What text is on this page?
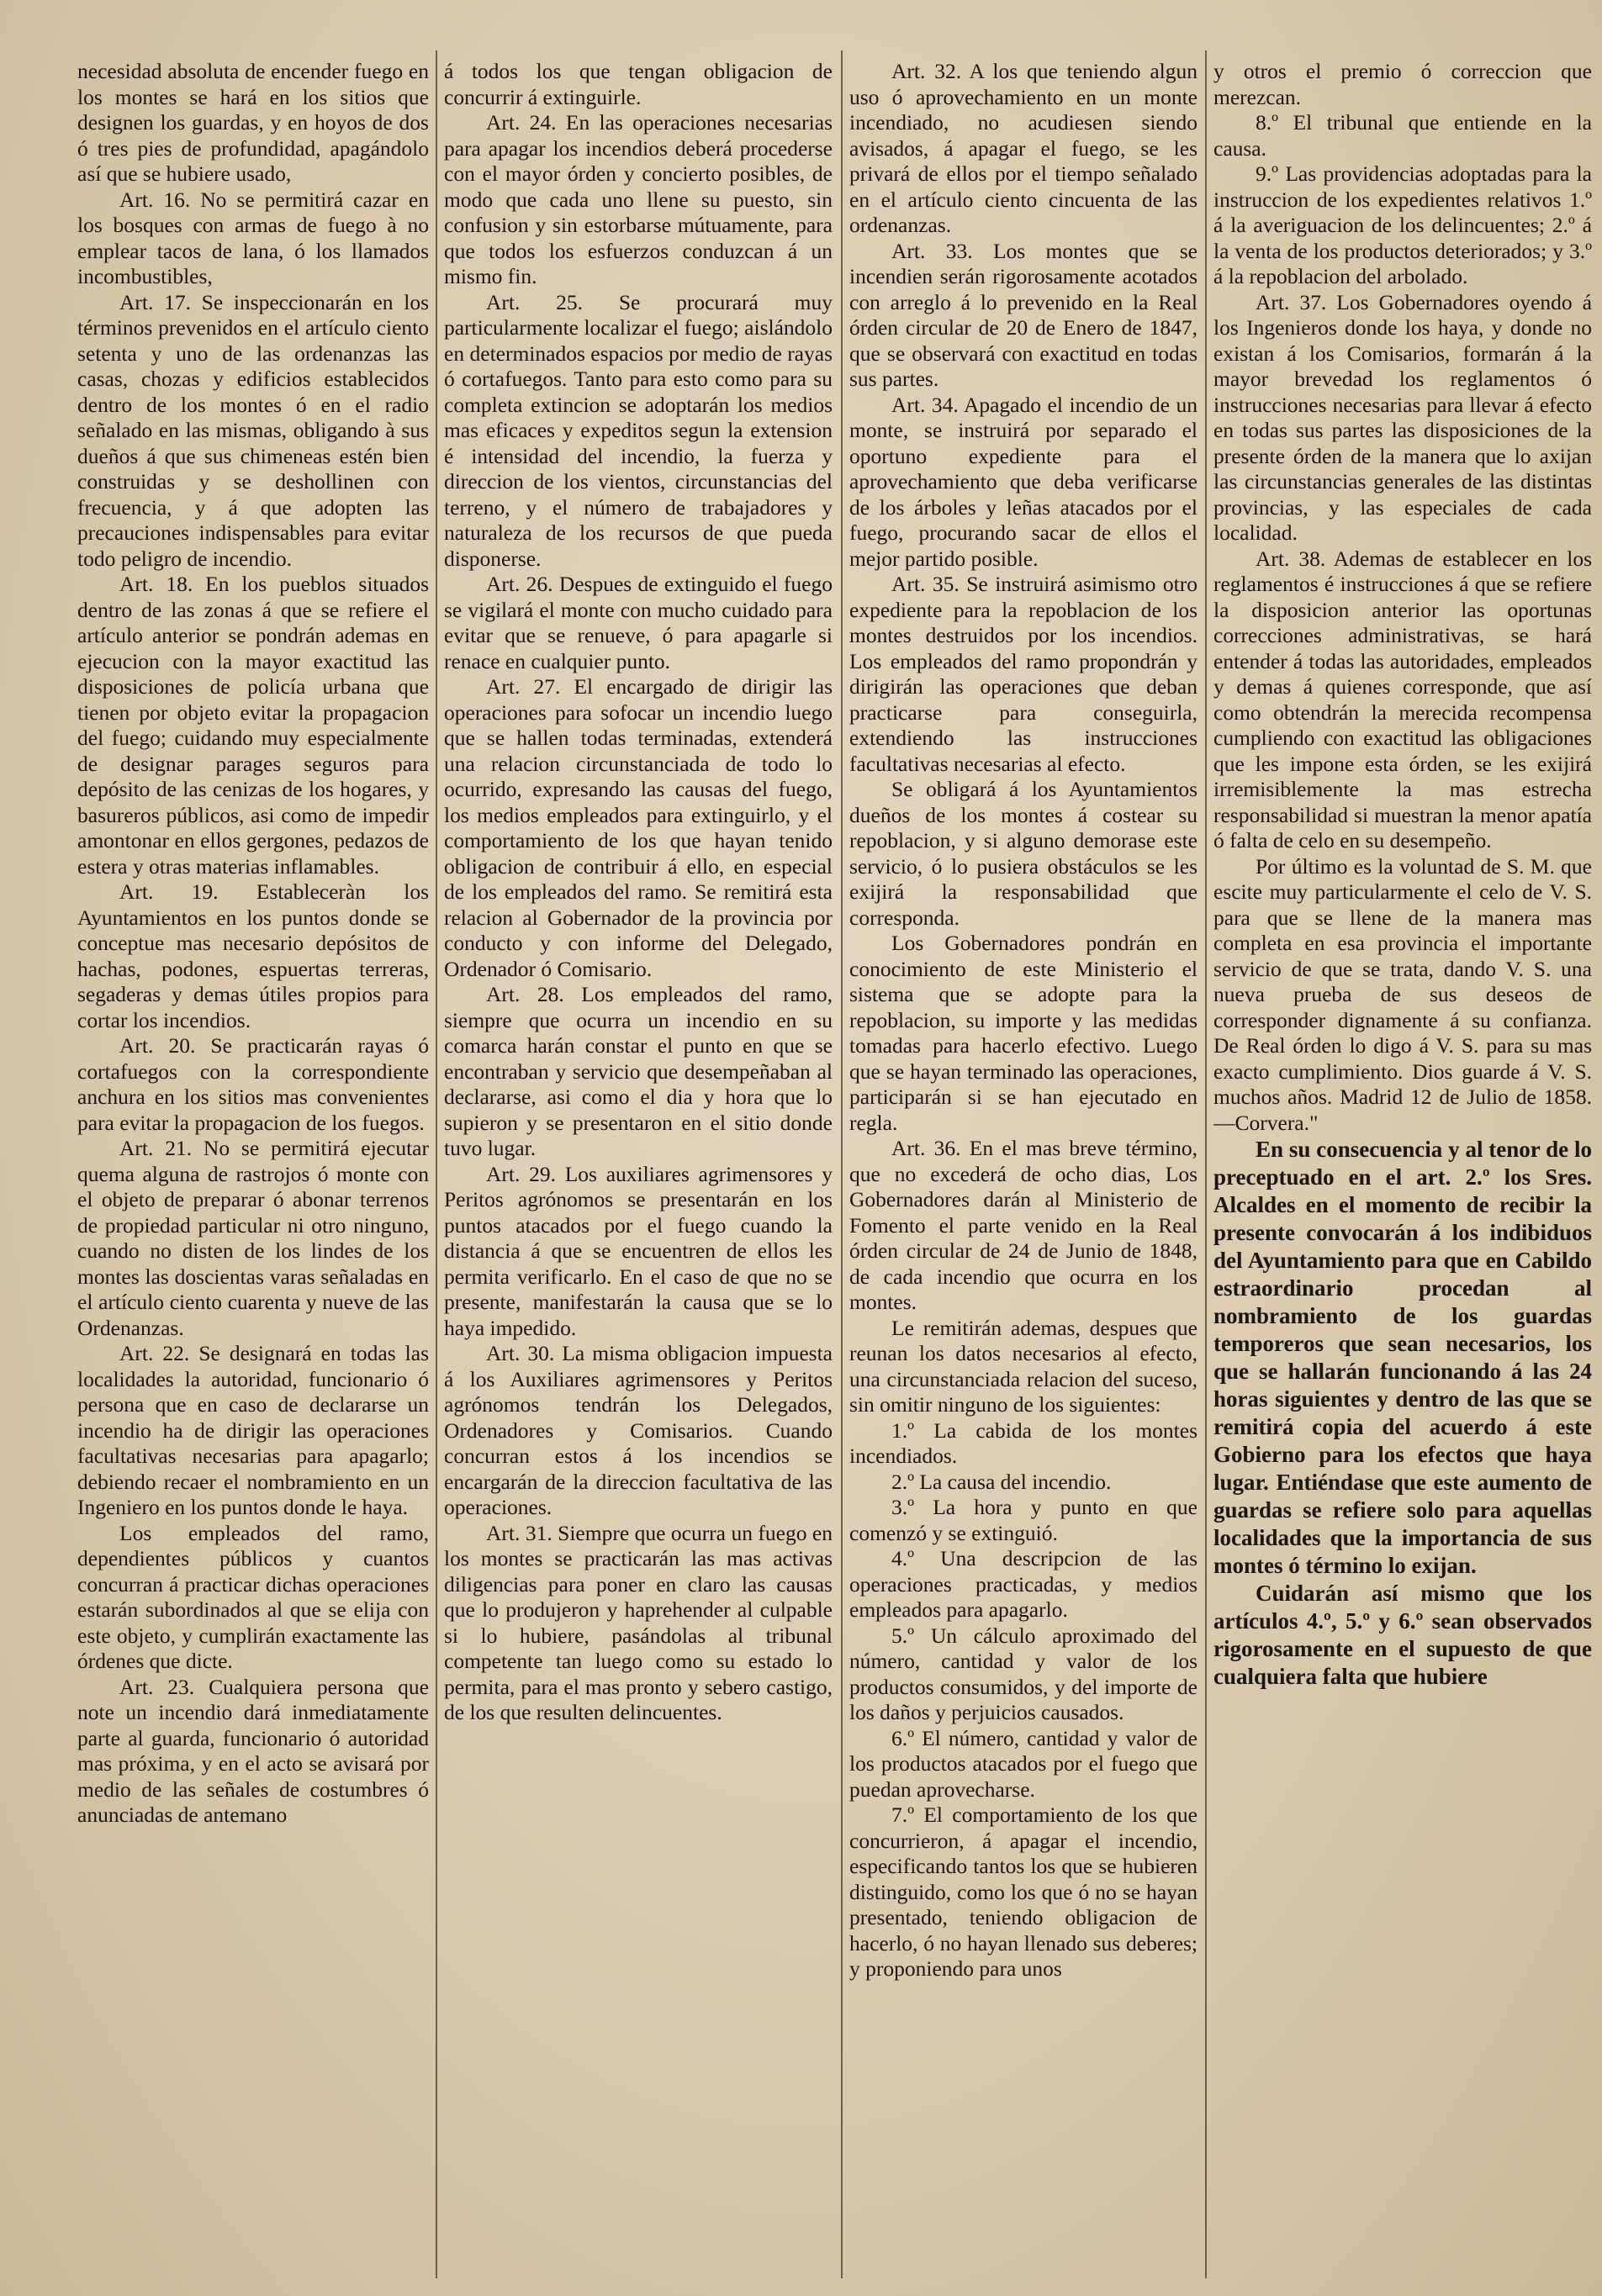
necesidad absoluta de encender fuego en los montes se hará en los sitios que designen los guardas, y en hoyos de dos ó tres pies de profundidad, apagándolo así que se hubiere usado,

Art. 16. No se permitirá cazar en los bosques con armas de fuego à no emplear tacos de lana, ó los llamados incombustibles,

Art. 17. Se inspeccionarán en los términos prevenidos en el artículo ciento setenta y uno de las ordenanzas las casas, chozas y edificios establecidos dentro de los montes ó en el radio señalado en las mismas, obligando à sus dueños á que sus chimeneas estén bien construidas y se deshollinen con frecuencia, y á que adopten las precauciones indispensables para evitar todo peligro de incendio.

Art. 18. En los pueblos situados dentro de las zonas á que se refiere el artículo anterior se pondrán ademas en ejecucion con la mayor exactitud las disposiciones de policía urbana que tienen por objeto evitar la propagacion del fuego; cuidando muy especialmente de designar parages seguros para depósito de las cenizas de los hogares, y basureros públicos, asi como de impedir amontonar en ellos gergones, pedazos de estera y otras materias inflamables.

Art. 19. Estableceràn los Ayuntamientos en los puntos donde se conceptue mas necesario depósitos de hachas, podones, espuertas terreras, segaderas y demas útiles propios para cortar los incendios.

Art. 20. Se practicarán rayas ó cortafuegos con la correspondiente anchura en los sitios mas convenientes para evitar la propagacion de los fuegos.

Art. 21. No se permitirá ejecutar quema alguna de rastrojos ó monte con el objeto de preparar ó abonar terrenos de propiedad particular ni otro ninguno, cuando no disten de los lindes de los montes las doscientas varas señaladas en el artículo ciento cuarenta y nueve de las Ordenanzas.

Art. 22. Se designará en todas las localidades la autoridad, funcionario ó persona que en caso de declararse un incendio ha de dirigir las operaciones facultativas necesarias para apagarlo; debiendo recaer el nombramiento en un Ingeniero en los puntos donde le haya.

Los empleados del ramo, dependientes públicos y cuantos concurran á practicar dichas operaciones estarán subordinados al que se elija con este objeto, y cumplirán exactamente las órdenes que dicte.

Art. 23. Cualquiera persona que note un incendio dará inmediatamente parte al guarda, funcionario ó autoridad mas próxima, y en el acto se avisará por medio de las señales de costumbres ó anunciadas de antemano

á todos los que tengan obligacion de concurrir á extinguirle.

Art. 24. En las operaciones necesarias para apagar los incendios deberá procederse con el mayor órden y concierto posibles, de modo que cada uno llene su puesto, sin confusion y sin estorbarse mútuamente, para que todos los esfuerzos conduzcan á un mismo fin.

Art. 25. Se procurará muy particularmente localizar el fuego; aislándolo en determinados espacios por medio de rayas ó cortafuegos. Tanto para esto como para su completa extincion se adoptarán los medios mas eficaces y expeditos segun la extension é intensidad del incendio, la fuerza y direccion de los vientos, circunstancias del terreno, y el número de trabajadores y naturaleza de los recursos de que pueda disponerse.

Art. 26. Despues de extinguido el fuego se vigilará el monte con mucho cuidado para evitar que se renueve, ó para apagarle si renace en cualquier punto.

Art. 27. El encargado de dirigir las operaciones para sofocar un incendio luego que se hallen todas terminadas, extenderá una relacion circunstanciada de todo lo ocurrido, expresando las causas del fuego, los medios empleados para extinguirlo, y el comportamiento de los que hayan tenido obligacion de contribuir á ello, en especial de los empleados del ramo. Se remitirá esta relacion al Gobernador de la provincia por conducto y con informe del Delegado, Ordenador ó Comisario.

Art. 28. Los empleados del ramo, siempre que ocurra un incendio en su comarca harán constar el punto en que se encontraban y servicio que desempeñaban al declararse, asi como el dia y hora que lo supieron y se presentaron en el sitio donde tuvo lugar.

Art. 29. Los auxiliares agrimensores y Peritos agrónomos se presentarán en los puntos atacados por el fuego cuando la distancia á que se encuentren de ellos les permita verificarlo. En el caso de que no se presente, manifestarán la causa que se lo haya impedido.

Art. 30. La misma obligacion impuesta á los Auxiliares agrimensores y Peritos agrónomos tendrán los Delegados, Ordenadores y Comisarios. Cuando concurran estos á los incendios se encargarán de la direccion facultativa de las operaciones.

Art. 31. Siempre que ocurra un fuego en los montes se practicarán las mas activas diligencias para poner en claro las causas que lo produjeron y haprehender al culpable si lo hubiere, pasándolas al tribunal competente tan luego como su estado lo permita, para el mas pronto y sebero castigo, de los que resulten delincuentes.

Art. 32. A los que teniendo algun uso ó aprovechamiento en un monte incendiado, no acudiesen siendo avisados, á apagar el fuego, se les privará de ellos por el tiempo señalado en el artículo ciento cincuenta de las ordenanzas.

Art. 33. Los montes que se incendien serán rigorosamente acotados con arreglo á lo prevenido en la Real órden circular de 20 de Enero de 1847, que se observará con exactitud en todas sus partes.

Art. 34. Apagado el incendio de un monte, se instruirá por separado el oportuno expediente para el aprovechamiento que deba verificarse de los árboles y leñas atacados por el fuego, procurando sacar de ellos el mejor partido posible.

Art. 35. Se instruirá asimismo otro expediente para la repoblacion de los montes destruidos por los incendios. Los empleados del ramo propondrán y dirigirán las operaciones que deban practicarse para conseguirla, extendiendo las instrucciones facultativas necesarias al efecto.

Se obligará á los Ayuntamientos dueños de los montes á costear su repoblacion, y si alguno demorase este servicio, ó lo pusiera obstáculos se les exijirá la responsabilidad que corresponda.

Los Gobernadores pondrán en conocimiento de este Ministerio el sistema que se adopte para la repoblacion, su importe y las medidas tomadas para hacerlo efectivo. Luego que se hayan terminado las operaciones, participarán si se han ejecutado en regla.

Art. 36. En el mas breve término, que no excederá de ocho dias, Los Gobernadores darán al Ministerio de Fomento el parte venido en la Real órden circular de 24 de Junio de 1848, de cada incendio que ocurra en los montes.

Le remitirán ademas, despues que reunan los datos necesarios al efecto, una circunstanciada relacion del suceso, sin omitir ninguno de los siguientes:

1.º La cabida de los montes incendiados.

2.º La causa del incendio.

3.º La hora y punto en que comenzó y se extinguió.

4.º Una descripcion de las operaciones practicadas, y medios empleados para apagarlo.

5.º Un cálculo aproximado del número, cantidad y valor de los productos consumidos, y del importe de los daños y perjuicios causados.

6.º El número, cantidad y valor de los productos atacados por el fuego que puedan aprovecharse.

7.º El comportamiento de los que concurrieron, á apagar el incendio, especificando tantos los que se hubieren distinguido, como los que ó no se hayan presentado, teniendo obligacion de hacerlo, ó no hayan llenado sus deberes; y proponiendo para unos

y otros el premio ó correccion que merezcan.

8.º El tribunal que entiende en la causa.

9.º Las providencias adoptadas para la instruccion de los expedientes relativos 1.º á la averiguacion de los delincuentes; 2.º á la venta de los productos deteriorados; y 3.º á la repoblacion del arbolado.

Art. 37. Los Gobernadores oyendo á los Ingenieros donde los haya, y donde no existan á los Comisarios, formarán á la mayor brevedad los reglamentos ó instrucciones necesarias para llevar á efecto en todas sus partes las disposiciones de la presente órden de la manera que lo axijan las circunstancias generales de las distintas provincias, y las especiales de cada localidad.

Art. 38. Ademas de establecer en los reglamentos é instrucciones á que se refiere la disposicion anterior las oportunas correcciones administrativas, se hará entender á todas las autoridades, empleados y demas á quienes corresponde, que así como obtendrán la merecida recompensa cumpliendo con exactitud las obligaciones que les impone esta órden, se les exijirá irremisiblemente la mas estrecha responsabilidad si muestran la menor apatía ó falta de celo en su desempeño.

Por último es la voluntad de S. M. que escite muy particularmente el celo de V. S. para que se llene de la manera mas completa en esa provincia el importante servicio de que se trata, dando V. S. una nueva prueba de sus deseos de corresponder dignamente á su confianza. De Real órden lo digo á V. S. para su mas exacto cumplimiento. Dios guarde á V. S. muchos años. Madrid 12 de Julio de 1858.—Corvera."

En su consecuencia y al tenor de lo preceptuado en el art. 2.º los Sres. Alcaldes en el momento de recibir la presente convocarán á los indibiduos del Ayuntamiento para que en Cabildo estraordinario procedan al nombramiento de los guardas temporeros que sean necesarios, los que se hallarán funcionando á las 24 horas siguientes y dentro de las que se remitirá copia del acuerdo á este Gobierno para los efectos que haya lugar. Entiéndase que este aumento de guardas se refiere solo para aquellas localidades que la importancia de sus montes ó término lo exijan.

Cuidarán así mismo que los artículos 4.º, 5.º y 6.º sean observados rigorosamente en el supuesto de que cualquiera falta que hubiere
